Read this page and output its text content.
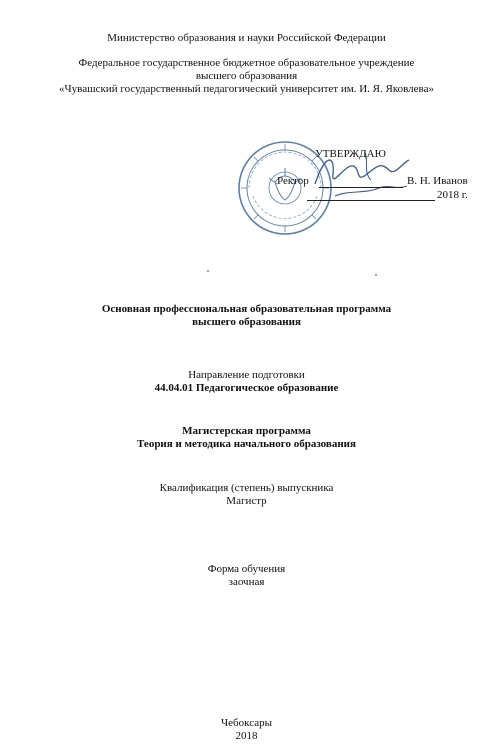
Министерство образования и науки Российской Федерации
Федеральное государственное бюджетное образовательное учреждение
высшего образования
«Чувашский государственный педагогический университет им. И. Я. Яковлева»
УТВЕРЖДАЮ
Ректор	В. Н. Иванов
2018 г.
Основная профессиональная образовательная программа
высшего образования
Направление подготовки
44.04.01 Педагогическое образование
Магистерская программа
Теория и методика начального образования
Квалификация (степень) выпускника
Магистр
Форма обучения
заочная
Чебоксары
2018
